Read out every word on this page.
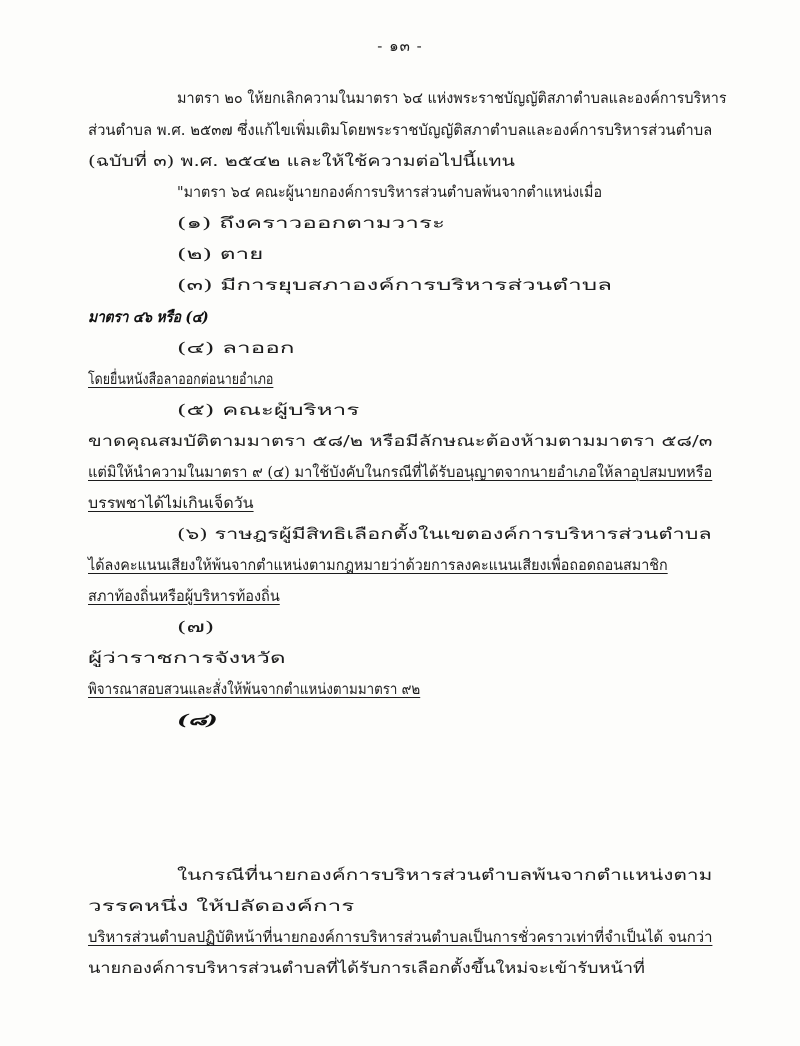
- ๑๓ -
มาตรา ๒๐ ให้ยกเลิกความในมาตรา ๖๔ แห่งพระราชบัญญัติสภาตำบลและองค์การบริหาร
ส่วนตำบล พ.ศ. ๒๕๓๗ ซึ่งแก้ไขเพิ่มเติมโดยพระราชบัญญัติสภาตำบลและองค์การบริหารส่วนตำบล
(ฉบับที่ ๓) พ.ศ. ๒๕๔๒ และให้ใช้ความต่อไปนี้แทน
"มาตรา ๖๔ คณะผู้นายกองค์การบริหารส่วนตำบลพ้นจากตำแหน่งเมื่อ
(๑) ถึงคราวออกตามวาระ
(๒) ตาย
(๓) มีการยุบสภาองค์การบริหารส่วนตำบล
มาตรา ๔๖ หรือ (๔)
(๔) ลาออก
โดยยื่นหนังสือลาออกต่อนายอำเภอ
(๕) คณะผู้บริหาร
ขาดคุณสมบัติตามมาตรา ๕๘/๒ หรือมีลักษณะต้องห้ามตามมาตรา ๕๘/๓
แต่มิให้นำความในมาตรา ๙ (๔) มาใช้บังคับในกรณีที่ได้รับอนุญาตจากนายอำเภอให้ลาอุปสมบทหรือ
บรรพชาได้ไม่เกินเจ็ดวัน
(๖) ราษฎรผู้มีสิทธิเลือกตั้งในเขตองค์การบริหารส่วนตำบล
ได้ลงคะแนนเสียงให้พ้นจากตำแหน่งตามกฎหมายว่าด้วยการลงคะแนนเสียงเพื่อถอดถอนสมาชิก
สภาท้องถิ่นหรือผู้บริหารท้องถิ่น
(๗)
ผู้ว่าราชการจังหวัด
พิจารณาสอบสวนและสั่งให้พ้นจากตำแหน่งตามมาตรา ๙๒
(๘)
ในกรณีที่นายกองค์การบริหารส่วนตำบลพ้นจากตำแหน่งตาม
วรรคหนึ่ง ให้ปลัดองค์การ
บริหารส่วนตำบลปฏิบัติหน้าที่นายกองค์การบริหารส่วนตำบลเป็นการชั่วคราวเท่าที่จำเป็นได้ จนกว่า
นายกองค์การบริหารส่วนตำบลที่ได้รับการเลือกตั้งขึ้นใหม่จะเข้ารับหน้าที่
